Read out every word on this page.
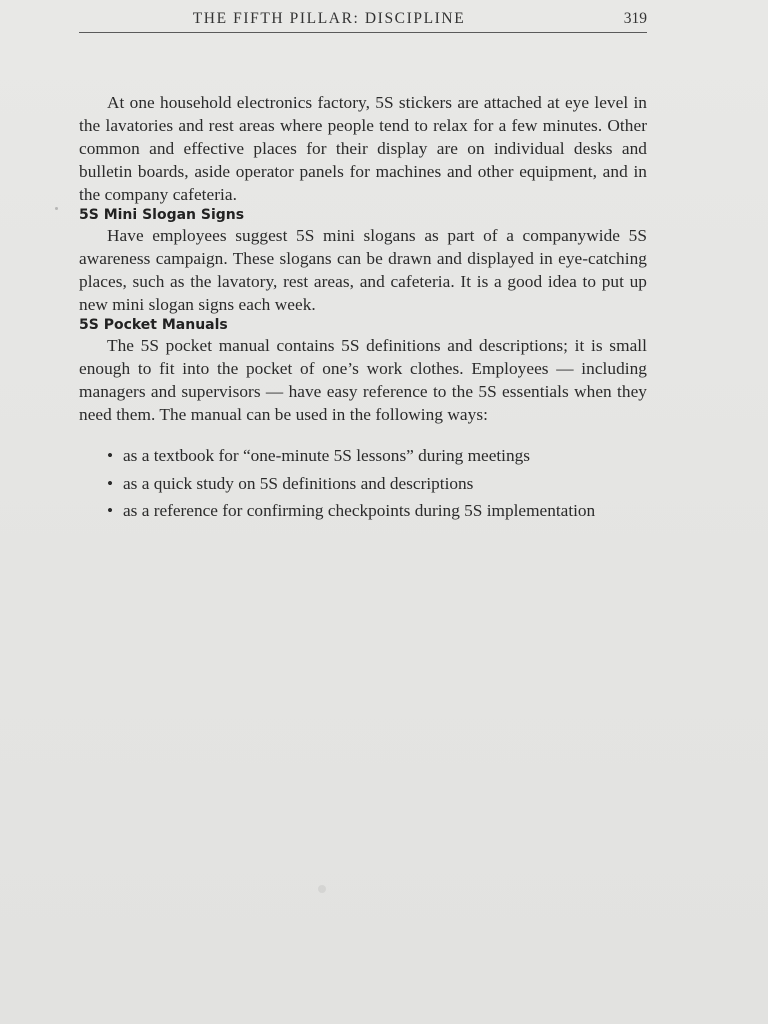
THE FIFTH PILLAR: DISCIPLINE	319

At one household electronics factory, 5S stickers are attached at eye level in the lavatories and rest areas where people tend to relax for a few minutes. Other common and effective places for their display are on individual desks and bulletin boards, aside operator panels for machines and other equipment, and in the company cafeteria.

5S Mini Slogan Signs

Have employees suggest 5S mini slogans as part of a companywide 5S awareness campaign. These slogans can be drawn and displayed in eye-catching places, such as the lavatory, rest areas, and cafeteria. It is a good idea to put up new mini slogan signs each week.

5S Pocket Manuals

The 5S pocket manual contains 5S definitions and descriptions; it is small enough to fit into the pocket of one’s work clothes. Employees — including managers and supervisors — have easy reference to the 5S essentials when they need them. The manual can be used in the following ways:

• as a textbook for “one-minute 5S lessons” during meetings
• as a quick study on 5S definitions and descriptions
• as a reference for confirming checkpoints during 5S implementation
